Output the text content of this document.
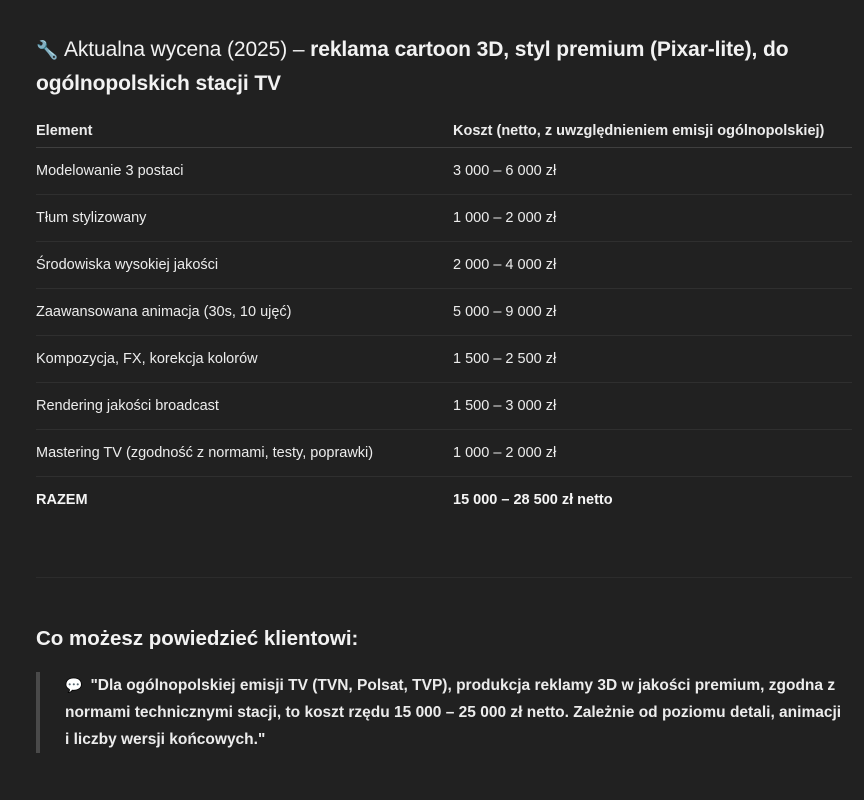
🔧 Aktualna wycena (2025) – reklama cartoon 3D, styl premium (Pixar-lite), do ogólnopolskich stacji TV
Element	Koszt (netto, z uwzględnieniem emisji ogólnopolskiej)
Modelowanie 3 postaci	3 000 – 6 000 zł
Tłum stylizowany	1 000 – 2 000 zł
Środowiska wysokiej jakości	2 000 – 4 000 zł
Zaawansowana animacja (30s, 10 ujęć)	5 000 – 9 000 zł
Kompozycja, FX, korekcja kolorów	1 500 – 2 500 zł
Rendering jakości broadcast	1 500 – 3 000 zł
Mastering TV (zgodność z normami, testy, poprawki)	1 000 – 2 000 zł
RAZEM	15 000 – 28 500 zł netto
Co możesz powiedzieć klientowi:
💬 "Dla ogólnopolskiej emisji TV (TVN, Polsat, TVP), produkcja reklamy 3D w jakości premium, zgodna z normami technicznymi stacji, to koszt rzędu 15 000 – 25 000 zł netto. Zależnie od poziomu detali, animacji i liczby wersji końcowych."
